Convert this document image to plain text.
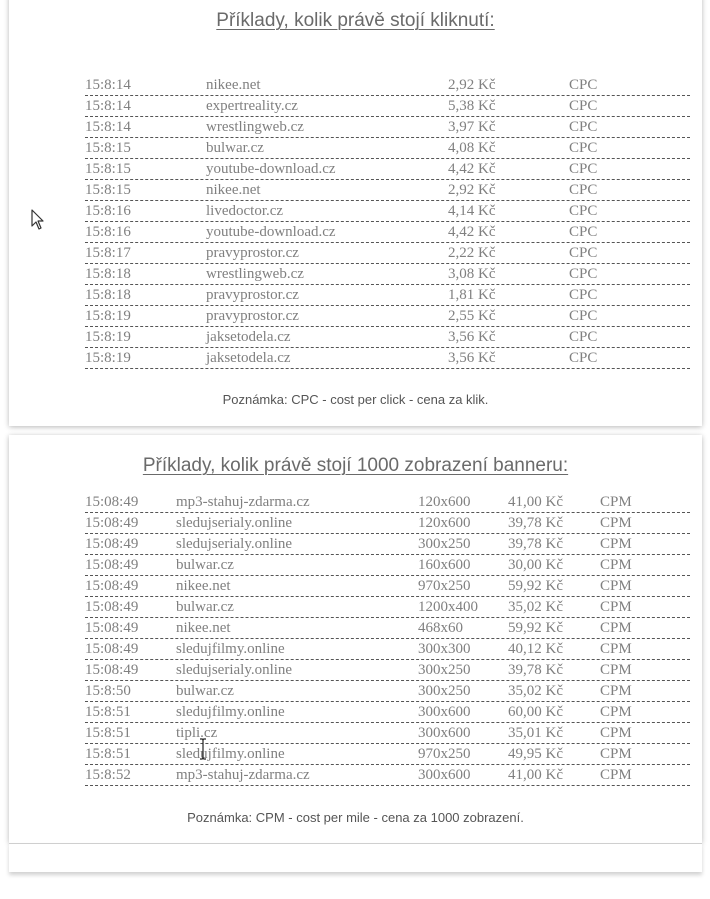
Příklady, kolik právě stojí kliknutí:
15:8:14	nikee.net	2,92 Kč	CPC
15:8:14	expertreality.cz	5,38 Kč	CPC
15:8:14	wrestlingweb.cz	3,97 Kč	CPC
15:8:15	bulwar.cz	4,08 Kč	CPC
15:8:15	youtube-download.cz	4,42 Kč	CPC
15:8:15	nikee.net	2,92 Kč	CPC
15:8:16	livedoctor.cz	4,14 Kč	CPC
15:8:16	youtube-download.cz	4,42 Kč	CPC
15:8:17	pravyprostor.cz	2,22 Kč	CPC
15:8:18	wrestlingweb.cz	3,08 Kč	CPC
15:8:18	pravyprostor.cz	1,81 Kč	CPC
15:8:19	pravyprostor.cz	2,55 Kč	CPC
15:8:19	jaksetodela.cz	3,56 Kč	CPC
15:8:19	jaksetodela.cz	3,56 Kč	CPC
Poznámka: CPC - cost per click - cena za klik.
Příklady, kolik právě stojí 1000 zobrazení banneru:
15:08:49	mp3-stahuj-zdarma.cz	120x600	41,00 Kč CPM
15:08:49	sledujserialy.online	120x600	39,78 Kč CPM
15:08:49	sledujserialy.online	300x250	39,78 Kč CPM
15:08:49	bulwar.cz	160x600	30,00 Kč CPM
15:08:49	nikee.net	970x250	59,92 Kč CPM
15:08:49	bulwar.cz	1200x400 35,02 Kč CPM
15:08:49	nikee.net	468x60	59,92 Kč CPM
15:08:49	sledujfilmy.online	300x300	40,12 Kč CPM
15:08:49	sledujserialy.online	300x250	39,78 Kč CPM
15:8:50	bulwar.cz	300x250	35,02 Kč CPM
15:8:51	sledujfilmy.online	300x600	60,00 Kč CPM
15:8:51	tipli.cz	300x600	35,01 Kč CPM
15:8:51	sledujfilmy.online	970x250	49,95 Kč CPM
15:8:52	mp3-stahuj-zdarma.cz	300x600	41,00 Kč CPM
Poznámka: CPM - cost per mile - cena za 1000 zobrazení.
